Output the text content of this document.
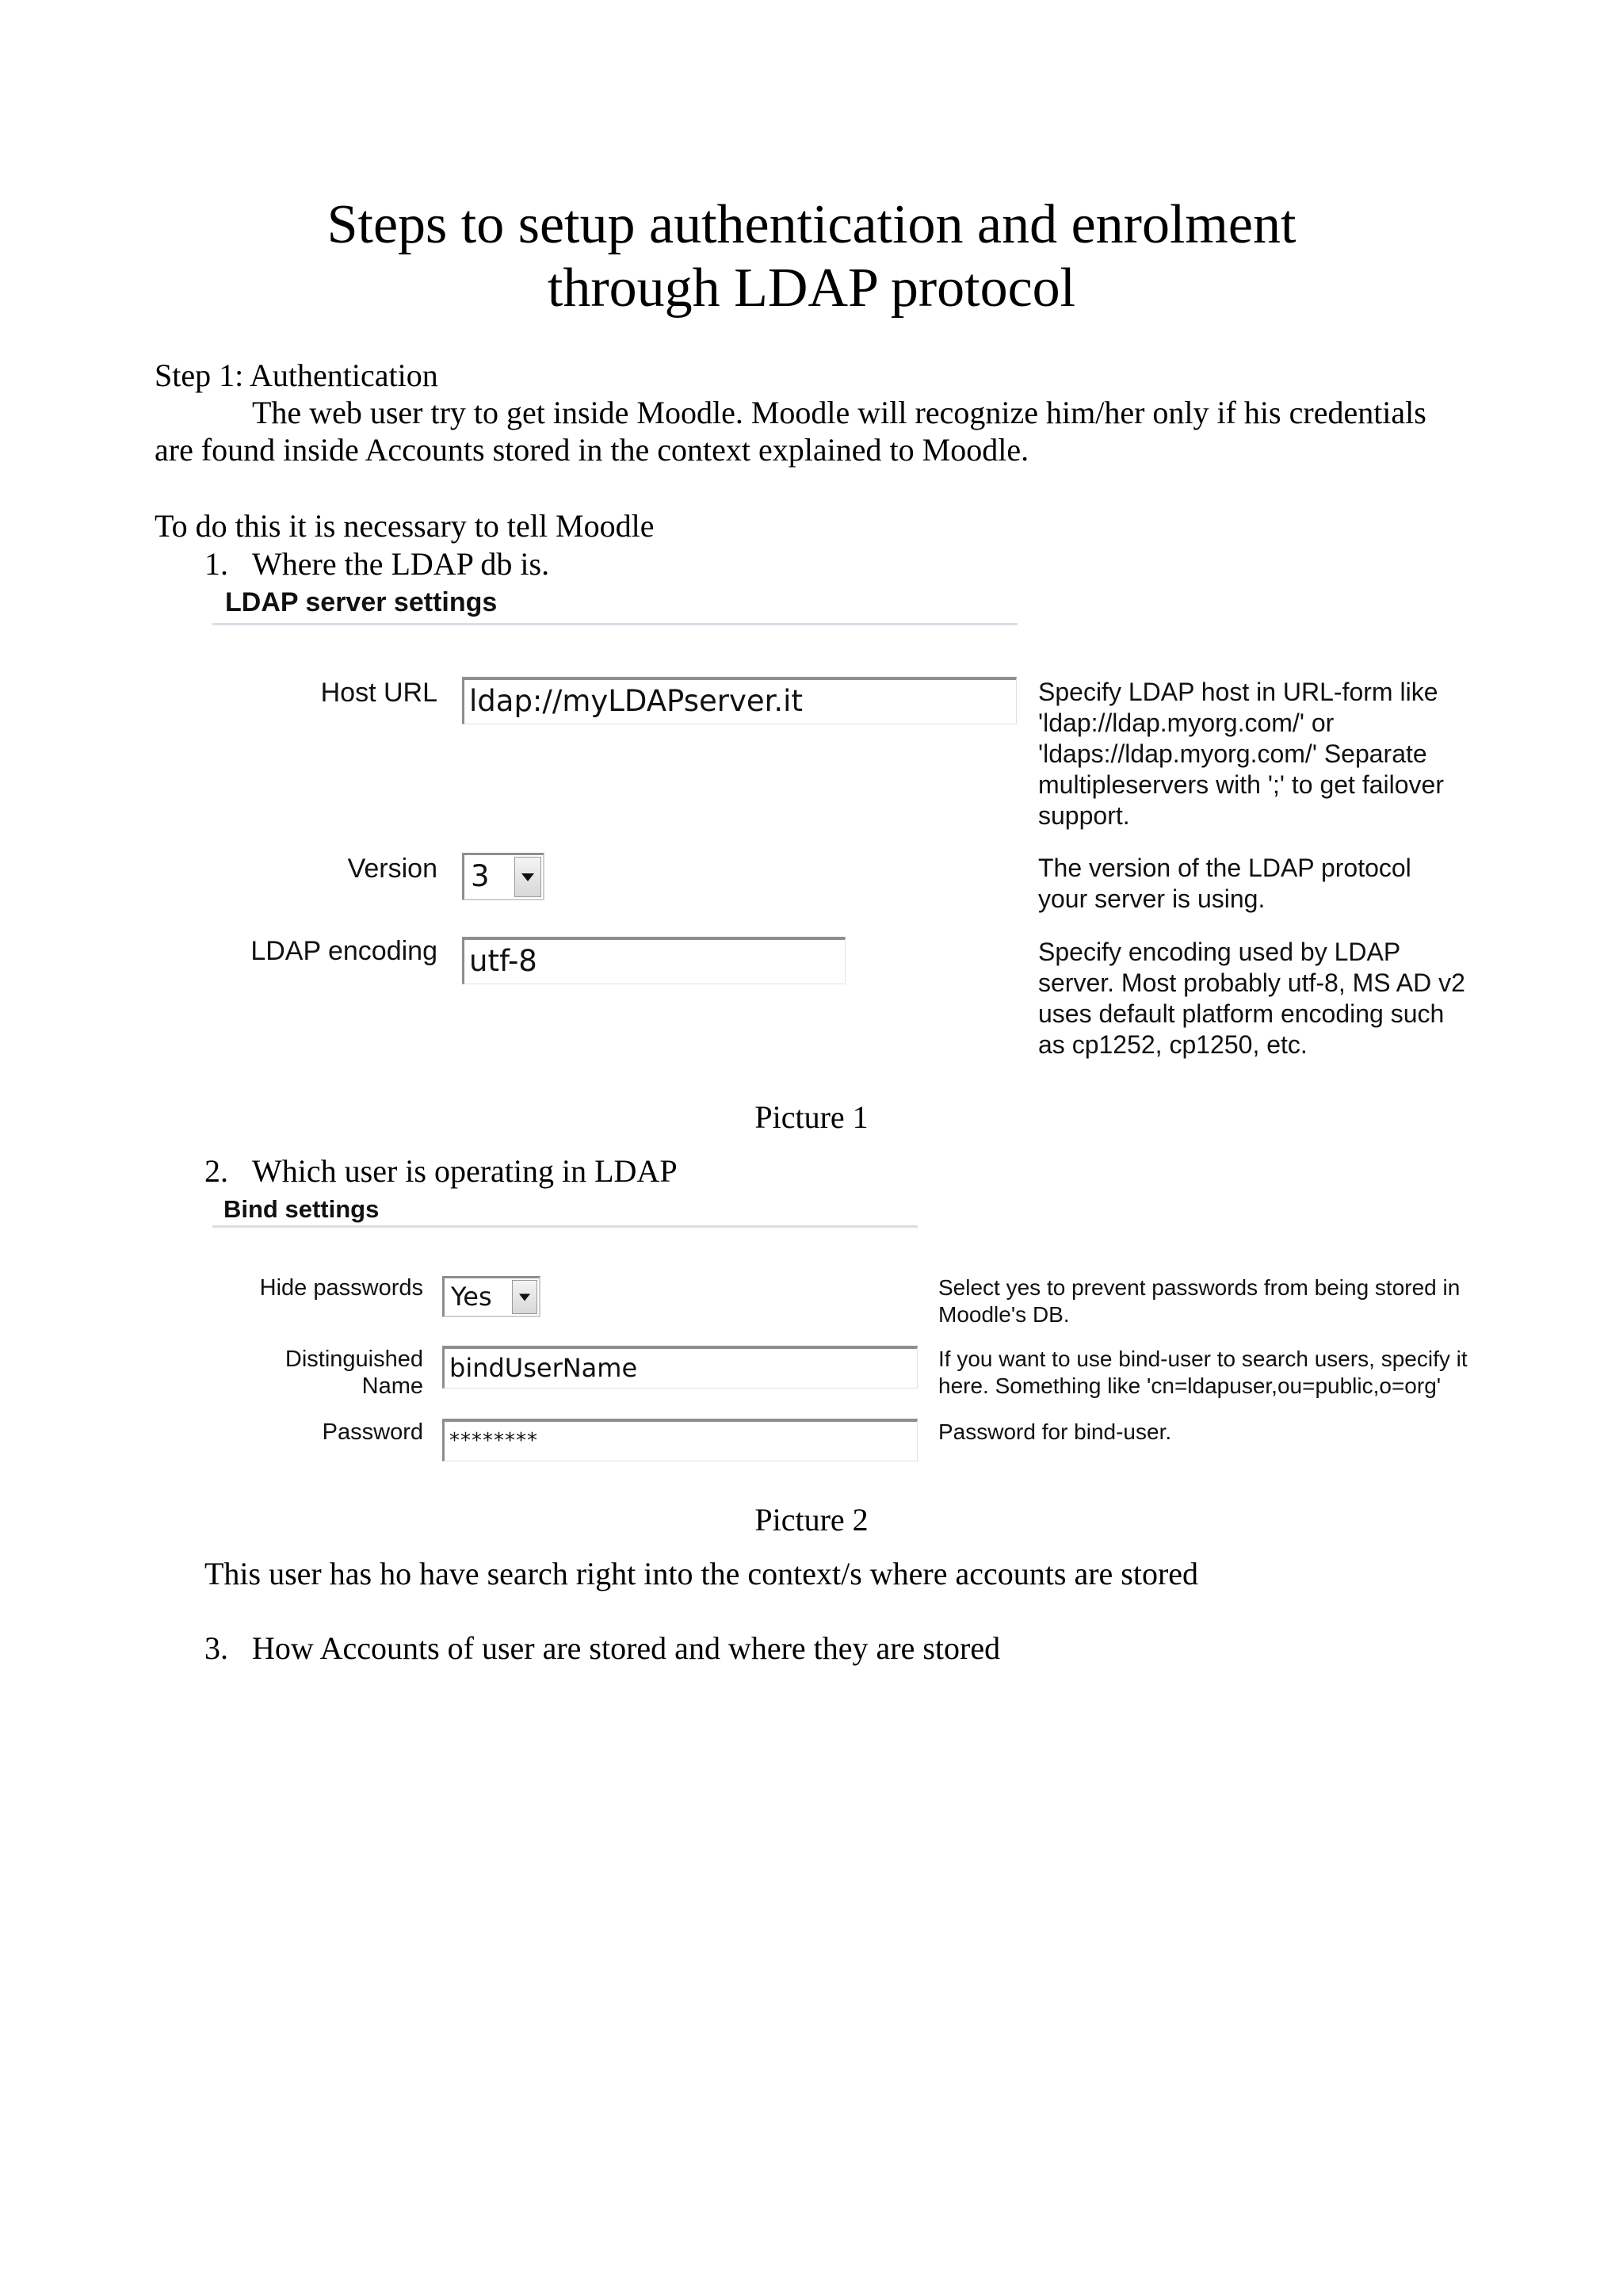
Steps to setup authentication and enrolment
through LDAP protocol
Step 1: Authentication
The web user try to get inside Moodle. Moodle will recognize him/her only if his credentials
are found inside Accounts stored in the context explained to Moodle.
To do this it is necessary to tell Moodle
1. Where the LDAP db is.
LDAP server settings
Host URL ldap://myLDAPserver.it	Specify LDAP host in URL-form like
'ldap://ldap.myorg.com/' or
'ldaps://ldap.myorg.com/' Separate
multipleservers with ';' to get failover
support.
Version 3	The version of the LDAP protocol
your server is using.
LDAP encoding utf-8	Specify encoding used by LDAP
server. Most probably utf-8, MS AD v2
uses default platform encoding such
as cp1252, cp1250, etc.
Picture 1
2. Which user is operating in LDAP
Bind settings
Hide passwords Yes	Select yes to prevent passwords from being stored in
Moodle's DB.
Distinguished
Name
bindUserName	If you want to use bind-user to search users, specify it
here. Something like 'cn=ldapuser,ou=public,o=org'
Password	********	Password for bind-user.
Picture 2
This user has ho have search right into the context/s where accounts are stored
3. How Accounts of user are stored and where they are stored
